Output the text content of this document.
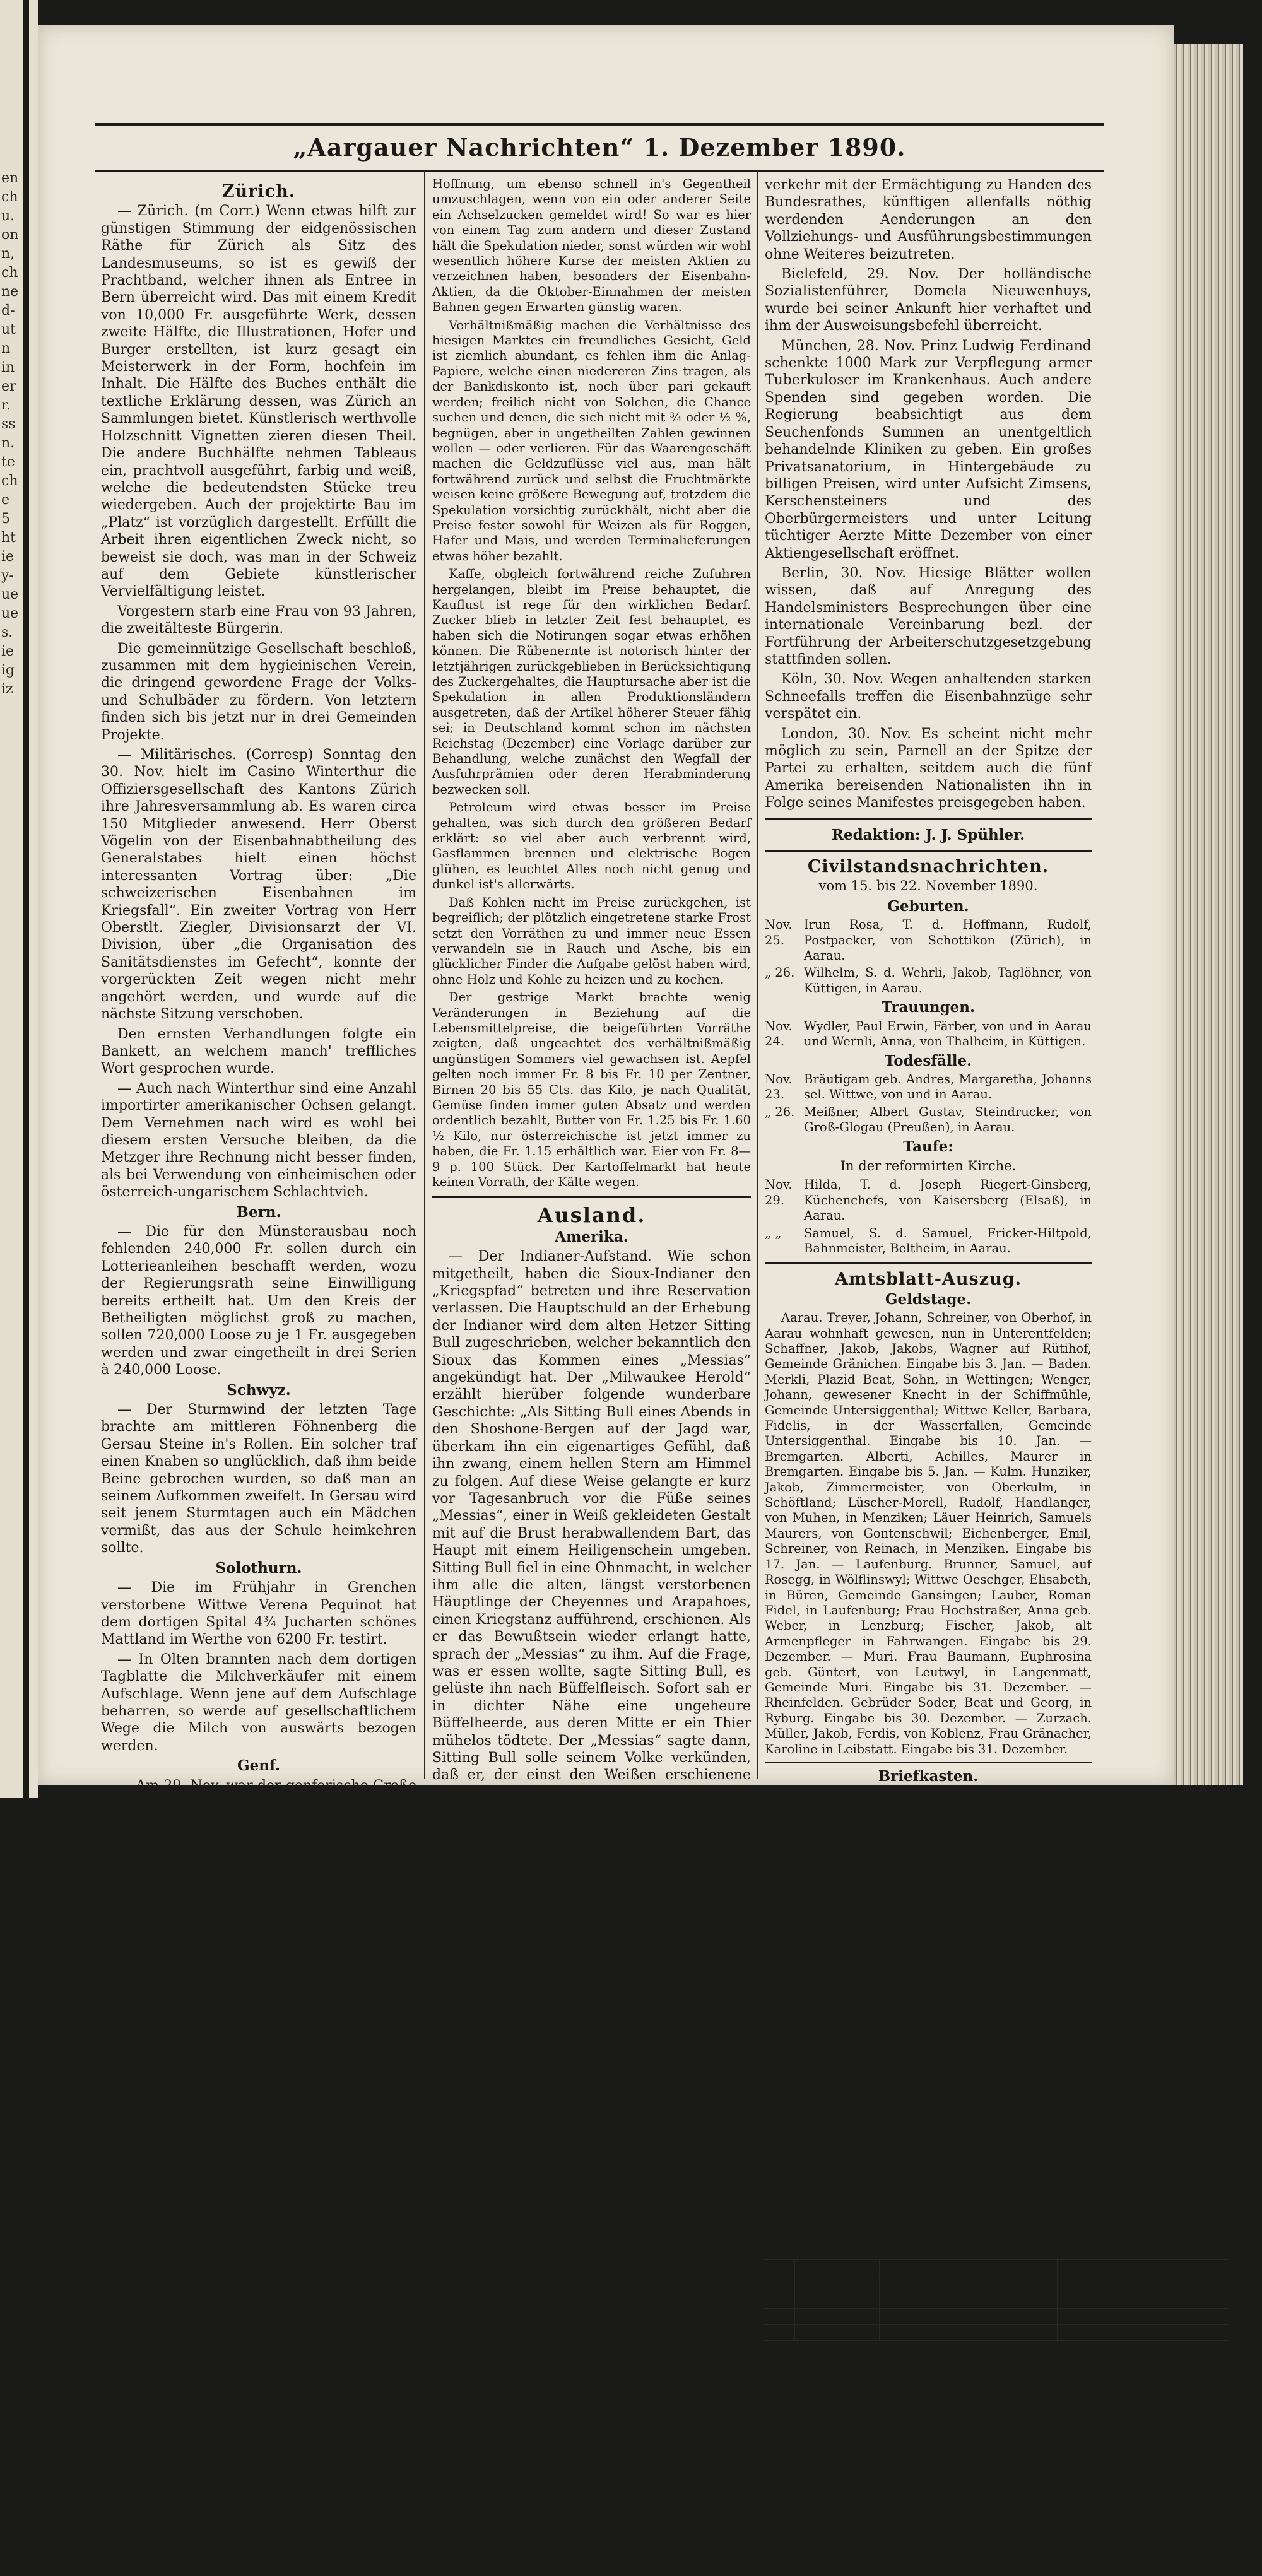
en
ch
u.
on
n,
ch
ne
d-
ut
n
in
er
r.
ss
n.
te
ch
e
5
ht
ie
y-
ue
ue
s.
ie
ig
iz
„Aargauer Nachrichten“ 1. Dezember 1890.
Zürich.

— Zürich. (m Corr.) Wenn etwas hilft zur günstigen Stimmung der eidgenössischen Räthe für Zürich als Sitz des Landesmuseums, so ist es gewiß der Prachtband, welcher ihnen als Entree in Bern überreicht wird. Das mit einem Kredit von 10,000 Fr. ausgeführte Werk, dessen zweite Hälfte, die Illustrationen, Hofer und Burger erstellten, ist kurz gesagt ein Meisterwerk in der Form, hochfein im Inhalt. Die Hälfte des Buches enthält die textliche Erklärung dessen, was Zürich an Sammlungen bietet. Künstlerisch werthvolle Holzschnitt Vignetten zieren diesen Theil. Die andere Buchhälfte nehmen Tableaus ein, prachtvoll ausgeführt, farbig und weiß, welche die bedeutendsten Stücke treu wiedergeben. Auch der projektirte Bau im „Platz“ ist vorzüglich dargestellt. Erfüllt die Arbeit ihren eigentlichen Zweck nicht, so beweist sie doch, was man in der Schweiz auf dem Gebiete künstlerischer Vervielfältigung leistet.

Vorgestern starb eine Frau von 93 Jahren, die zweitälteste Bürgerin.

Die gemeinnützige Gesellschaft beschloß, zusammen mit dem hygieinischen Verein, die dringend gewordene Frage der Volks- und Schulbäder zu fördern. Von letztern finden sich bis jetzt nur in drei Gemeinden Projekte.

— Militärisches. (Corresp) Sonntag den 30. Nov. hielt im Casino Winterthur die Offiziersgesellschaft des Kantons Zürich ihre Jahresversammlung ab. Es waren circa 150 Mitglieder anwesend. Herr Oberst Vögelin von der Eisenbahnabtheilung des Generalstabes hielt einen höchst interessanten Vortrag über: „Die schweizerischen Eisenbahnen im Kriegsfall“. Ein zweiter Vortrag von Herr Oberstlt. Ziegler, Divisionsarzt der VI. Division, über „die Organisation des Sanitätsdienstes im Gefecht“, konnte der vorgerückten Zeit wegen nicht mehr angehört werden, und wurde auf die nächste Sitzung verschoben.

Den ernsten Verhandlungen folgte ein Bankett, an welchem manch' treffliches Wort gesprochen wurde.

— Auch nach Winterthur sind eine Anzahl importirter amerikanischer Ochsen gelangt. Dem Vernehmen nach wird es wohl bei diesem ersten Versuche bleiben, da die Metzger ihre Rechnung nicht besser finden, als bei Verwendung von einheimischen oder österreich-ungarischem Schlachtvieh.

Bern.

— Die für den Münsterausbau noch fehlenden 240,000 Fr. sollen durch ein Lotterieanleihen beschafft werden, wozu der Regierungsrath seine Einwilligung bereits ertheilt hat. Um den Kreis der Betheiligten möglichst groß zu machen, sollen 720,000 Loose zu je 1 Fr. ausgegeben werden und zwar eingetheilt in drei Serien à 240,000 Loose.

Schwyz.

— Der Sturmwind der letzten Tage brachte am mittleren Föhnenberg die Gersau Steine in's Rollen. Ein solcher traf einen Knaben so unglücklich, daß ihm beide Beine gebrochen wurden, so daß man an seinem Aufkommen zweifelt. In Gersau wird seit jenem Sturmtagen auch ein Mädchen vermißt, das aus der Schule heimkehren sollte.

Solothurn.

— Die im Frühjahr in Grenchen verstorbene Wittwe Verena Pequinot hat dem dortigen Spital 4¾ Jucharten schönes Mattland im Werthe von 6200 Fr. testirt.

— In Olten brannten nach dem dortigen Tagblatte die Milchverkäufer mit einem Aufschlage. Wenn jene auf dem Aufschlage beharren, so werde auf gesellschaftlichem Wege die Milch von auswärts bezogen werden.

Genf.

— Am 29. Nov. war der genferische Große Rath in außerordentlicher Session versammelt. Als Ständeräthe wurden gewählt die liberal-konservativen Gustav Pictet, alt Nationalrath, mit 50 Stimmen und Frederic Raison, Advokat, ebenfalls mit 50 Stimmen. Die Radikalen stimmten für die bisherigen; Gavard machte 38, Moriaud 37 Stimmen.

Handelsbericht.
(Spezial-Correspondenz aus Zürich vom 29. Novbr.)

Die außergewöhnlichen Verhältnisse auf dem Geldmarkt dauern noch an, der Wirrwar ist noch nicht beendet und nicht überall, wo die Umstände geordnet erscheinen, ist Ruhe eingetreten. Wohl manche Schäden sind überbrückt, um vielleicht, wie es nicht selten zu geschehen pflegt, unter der Decke sich zu vergrößern und beim nächsten Windstoß zu Tage zu treten. Den englischen Markt, den der Geldsturm so stark angegriffen hat, hält die Bank in London Wagenladungen Gold aus Rußland zugeführt und damit ist für den Augenblick wenigstens momentan — keine außergewöhnlichen Ansprüche in Ahnung stellen, und anderseitige, größere Eingänge fristetweise, doch die Spekulation eine gewisse Beruhigung eingetreten, wozu die Nachricht aus Buenos-Ayres, daß die Mittel für die am 1. Januar fälligen Zinse für die Bank in Europa emittirte Anleihen, unterwegs seien, wesentlich mitwirkt hat. Wenn nun auch der Diskonto in London im Privatverkehr wieder auf 4¼—4½, gesunken ist, so darf doch nicht vergessen werden, daß bis jetzt noch kein offizielles Zurückgehen des Zinsfußes noch aber wird die Bank ihre Stellung behaupten und so wird eine Reihe von Verhältnissen unter dem Eindruck der jüngsten Vergangenheit stehen. Die Börsen im Allgemeinen arbeiten unter dem Eindruck der jüngsten Vergangenheit und Nachrichten von Besserung elektrisiren so neuer

Hoffnung, um ebenso schnell in's Gegentheil umzuschlagen, wenn von ein oder anderer Seite ein Achselzucken gemeldet wird! So war es hier von einem Tag zum andern und dieser Zustand hält die Spekulation nieder, sonst würden wir wohl wesentlich höhere Kurse der meisten Aktien zu verzeichnen haben, besonders der Eisenbahn-Aktien, da die Oktober-Einnahmen der meisten Bahnen gegen Erwarten günstig waren.

Verhältnißmäßig machen die Verhältnisse des hiesigen Marktes ein freundliches Gesicht, Geld ist ziemlich abundant, es fehlen ihm die Anlag-Papiere, welche einen niedereren Zins tragen, als der Bankdiskonto ist, noch über pari gekauft werden; freilich nicht von Solchen, die Chance suchen und denen, die sich nicht mit ¾ oder ½ %, begnügen, aber in ungetheilten Zahlen gewinnen wollen — oder verlieren. Für das Waarengeschäft machen die Geldzuflüsse viel aus, man hält fortwährend zurück und selbst die Fruchtmärkte weisen keine größere Bewegung auf, trotzdem die Spekulation vorsichtig zurückhält, nicht aber die Preise fester sowohl für Weizen als für Roggen, Hafer und Mais, und werden Terminalieferungen etwas höher bezahlt.

Kaffe, obgleich fortwährend reiche Zufuhren hergelangen, bleibt im Preise behauptet, die Kauflust ist rege für den wirklichen Bedarf. Zucker blieb in letzter Zeit fest behauptet, es haben sich die Notirungen sogar etwas erhöhen können. Die Rübenernte ist notorisch hinter der letztjährigen zurückgeblieben in Berücksichtigung des Zuckergehaltes, die Hauptursache aber ist die Spekulation in allen Produktionsländern ausgetreten, daß der Artikel höherer Steuer fähig sei; in Deutschland kommt schon im nächsten Reichstag (Dezember) eine Vorlage darüber zur Behandlung, welche zunächst den Wegfall der Ausfuhrprämien oder deren Herabminderung bezwecken soll.

Petroleum wird etwas besser im Preise gehalten, was sich durch den größeren Bedarf erklärt: so viel aber auch verbrennt wird, Gasflammen brennen und elektrische Bogen glühen, es leuchtet Alles noch nicht genug und dunkel ist's allerwärts.

Daß Kohlen nicht im Preise zurückgehen, ist begreiflich; der plötzlich eingetretene starke Frost setzt den Vorräthen zu und immer neue Essen verwandeln sie in Rauch und Asche, bis ein glücklicher Finder die Aufgabe gelöst haben wird, ohne Holz und Kohle zu heizen und zu kochen.

Der gestrige Markt brachte wenig Veränderungen in Beziehung auf die Lebensmittelpreise, die beigeführten Vorräthe zeigten, daß ungeachtet des verhältnißmäßig ungünstigen Sommers viel gewachsen ist. Aepfel gelten noch immer Fr. 8 bis Fr. 10 per Zentner, Birnen 20 bis 55 Cts. das Kilo, je nach Qualität, Gemüse finden immer guten Absatz und werden ordentlich bezahlt, Butter von Fr. 1.25 bis Fr. 1.60 ½ Kilo, nur österreichische ist jetzt immer zu haben, die Fr. 1.15 erhältlich war. Eier von Fr. 8—9 p. 100 Stück. Der Kartoffelmarkt hat heute keinen Vorrath, der Kälte wegen.

Ausland.
Amerika.

— Der Indianer-Aufstand. Wie schon mitgetheilt, haben die Sioux-Indianer den „Kriegspfad“ betreten und ihre Reservation verlassen. Die Hauptschuld an der Erhebung der Indianer wird dem alten Hetzer Sitting Bull zugeschrieben, welcher bekanntlich den Sioux das Kommen eines „Messias“ angekündigt hat. Der „Milwaukee Herold“ erzählt hierüber folgende wunderbare Geschichte: „Als Sitting Bull eines Abends in den Shoshone-Bergen auf der Jagd war, überkam ihn ein eigenartiges Gefühl, daß ihn zwang, einem hellen Stern am Himmel zu folgen. Auf diese Weise gelangte er kurz vor Tagesanbruch vor die Füße seines „Messias“, einer in Weiß gekleideten Gestalt mit auf die Brust herabwallendem Bart, das Haupt mit einem Heiligenschein umgeben. Sitting Bull fiel in eine Ohnmacht, in welcher ihm alle die alten, längst verstorbenen Häuptlinge der Cheyennes und Arapahoes, einen Kriegstanz aufführend, erschienen. Als er das Bewußtsein wieder erlangt hatte, sprach der „Messias“ zu ihm. Auf die Frage, was er essen wollte, sagte Sitting Bull, es gelüste ihn nach Büffelfleisch. Sofort sah er in dichter Nähe eine ungeheure Büffelheerde, aus deren Mitte er ein Thier mühelos tödtete. Der „Messias“ sagte dann, Sitting Bull solle seinem Volke verkünden, daß er, der einst den Weißen erschienene „Messias“, jetzt zu den gequälten Indianern gekommen sei, um ihnen ihre Jagdgründe wieder zu geben und die Weißen zu züchtigen. Er zeigte ihm die Wundmale der Kreuzigung und gab ihm Beweise seiner göttlichen Kraft. Sitting Bull blieb den ganzen Tag bei ihm und kehrte am Abend nach Hause zurück, was ihm in wenigen Minuten möglich war, obwohl er nach seiner Berechnung mehrere Tagereisen davon entfernt gewesen war. Er erzählte seinen Leuten davon und ersuchte sie, den Häuptling „Stachelschwein“ zu entsenden, um die Wahrheit des lebendigen „Messias“ festzustellen. Dies geschah und „Stachelschwein“ hatte dann genau dieselbe Vision wie Sitting Bull.

Ueber New-York vom 21. November wird ferner berichtet: Die Indianer auf der Pine Ridge Reservation führen noch immer Kriegstänze auf. Wahrscheinlich wird dem nicht Einhalt gethan werden, bis mehr Truppen angelangt sind. Als man den Indianern die Ankunft derselben ankündigte, erklärten sie drohend, daß der Messias sie zum Kriege aufforderte. Dieser habe ihnen eine riesige Flutwelle die Weißen vernichten.

Neueres und Telegramme.

— Bundesstadt. Heute beginnt die Sitzung der Bundesversammlung.

— Bundesrathswahl. Der „Nationalzeitung“ wird geschrieben:

„Im entschieden freisinnigen Lager erwartet man, daß die Bundesversammlung diesmal die Wahlfrage grundsätzlich und zwar im Sinne der Ablehnung der Kompromißpolitik auffassen und erledige.“

Bern, 29. Nov. Der Bundesrath beantragt bei der Bundesversammlung die Genehmigung des internationalen Uebereinkommens betreffend den Eisenbahn-

verkehr mit der Ermächtigung zu Handen des Bundesrathes, künftigen allenfalls nöthig werdenden Aenderungen an den Vollziehungs- und Ausführungsbestimmungen ohne Weiteres beizutreten.

Bielefeld, 29. Nov. Der holländische Sozialistenführer, Domela Nieuwenhuys, wurde bei seiner Ankunft hier verhaftet und ihm der Ausweisungsbefehl überreicht.

München, 28. Nov. Prinz Ludwig Ferdinand schenkte 1000 Mark zur Verpflegung armer Tuberkuloser im Krankenhaus. Auch andere Spenden sind gegeben worden. Die Regierung beabsichtigt aus dem Seuchenfonds Summen an unentgeltlich behandelnde Kliniken zu geben. Ein großes Privatsanatorium, in Hintergebäude zu billigen Preisen, wird unter Aufsicht Zimsens, Kerschensteiners und des Oberbürgermeisters und unter Leitung tüchtiger Aerzte Mitte Dezember von einer Aktiengesellschaft eröffnet.

Berlin, 30. Nov. Hiesige Blätter wollen wissen, daß auf Anregung des Handelsministers Besprechungen über eine internationale Vereinbarung bezl. der Fortführung der Arbeiterschutzgesetzgebung stattfinden sollen.

Köln, 30. Nov. Wegen anhaltenden starken Schneefalls treffen die Eisenbahnzüge sehr verspätet ein.

London, 30. Nov. Es scheint nicht mehr möglich zu sein, Parnell an der Spitze der Partei zu erhalten, seitdem auch die fünf Amerika bereisenden Nationalisten ihn in Folge seines Manifestes preisgegeben haben.

Redaktion: J. J. Spühler.
Civilstandsnachrichten.
vom 15. bis 22. November 1890.
Geburten.
Nov. 25.
Irun Rosa, T. d. Hoffmann, Rudolf, Postpacker, von Schottikon (Zürich), in Aarau.
„ 26. Wilhelm, S. d. Wehrli, Jakob, Taglöhner, von Küttigen, in Aarau.
Trauungen.
Nov. 24.
Wydler, Paul Erwin, Färber, von und in Aarau und Wernli, Anna, von Thalheim, in Küttigen.
Todesfälle.
Nov. 23.
Bräutigam geb. Andres, Margaretha, Johanns sel. Wittwe, von und in Aarau.
„ 26. Meißner, Albert Gustav, Steindrucker, von Groß-Glogau (Preußen), in Aarau.
Taufe:
In der reformirten Kirche.
Nov. 29.
Hilda, T. d. Joseph Riegert-Ginsberg, Küchenchefs, von Kaisersberg (Elsaß), in Aarau.
„ „	Samuel, S. d. Samuel, Fricker-Hiltpold, Bahnmeister, Beltheim, in Aarau.
Amtsblatt-Auszug.
Geldstage.

Aarau. Treyer, Johann, Schreiner, von Oberhof, in Aarau wohnhaft gewesen, nun in Unterentfelden; Schaffner, Jakob, Jakobs, Wagner auf Rütihof, Gemeinde Gränichen. Eingabe bis 3. Jan. — Baden. Merkli, Plazid Beat, Sohn, in Wettingen; Wenger, Johann, gewesener Knecht in der Schiffmühle, Gemeinde Untersiggenthal; Wittwe Keller, Barbara, Fidelis, in der Wasserfallen, Gemeinde Untersiggenthal. Eingabe bis 10. Jan. — Bremgarten. Alberti, Achilles, Maurer in Bremgarten. Eingabe bis 5. Jan. — Kulm. Hunziker, Jakob, Zimmermeister, von Oberkulm, in Schöftland; Lüscher-Morell, Rudolf, Handlanger, von Muhen, in Menziken; Läuer Heinrich, Samuels Maurers, von Gontenschwil; Eichenberger, Emil, Schreiner, von Reinach, in Menziken. Eingabe bis 17. Jan. — Laufenburg. Brunner, Samuel, auf Rosegg, in Wölflinswyl; Wittwe Oeschger, Elisabeth, in Büren, Gemeinde Gansingen; Lauber, Roman Fidel, in Laufenburg; Frau Hochstraßer, Anna geb. Weber, in Lenzburg; Fischer, Jakob, alt Armenpfleger in Fahrwangen. Eingabe bis 29. Dezember. — Muri. Frau Baumann, Euphrosina geb. Güntert, von Leutwyl, in Langenmatt, Gemeinde Muri. Eingabe bis 31. Dezember. — Rheinfelden. Gebrüder Soder, Beat und Georg, in Ryburg. Eingabe bis 30. Dezember. — Zurzach. Müller, Jakob, Ferdis, von Koblenz, Frau Gränacher, Karoline in Leibstatt. Eingabe bis 31. Dezember.

Briefkasten.

Abonnent in Lenzburg. Ihre freundlichen Zeilen, die Sie unserem Blatte widmen, verdanken wir, ebenso die Zusendung der letzten Nummer des „Margauer“. Ihr Rath, es sollten alle aargauischen Redaktoren ihre Thüre schreiben: „Noblesse oblige“ wäre für Viele angebracht. Wer die Antwort nur auf eine gewisse Klasse mißt, dem scheint übrigens diejenigen, welche sich als Generalpächter des Seelenadels und des journalistischen Anstandes aufwerfen, die Aufschrift dieser Thüre empfehlen. Es wird doch möglich sein, sich mehr Anstand und Sachlichkeit in der Presse zu bewahren, als sonst. Unsere bisherige Anschauung finden Sie im heutigen zweiten Leitartikel zum Theil niedergelegt. Die letzte Nummer des „Margauer“ kommen wir zurück. Red.

Wochenmarkt in Aarau vom 29. November 1890.

Rindfleisch Fr. 1. 60. p. 1 Kilogr., Kuhfleisch Fr. 1. 20 Kalbfleisch Fr. 1. 90.—2., Schaffleisch Fr. 1. 80—2., Schweinefleisch Fr. 1. 80 Cts., dürrer Speck Fr. 2. Erdäpfel galten 100 Kg. Fr. 0. per Reben 25 Cts. Anken per Kilogr. Fr. 2. 70—2. 80, Eier per Stück 10 Cts., Kabis per Kopf 10—20 Cts., Kohl per Kopf 10—20 Cts. Aepfel 5—7 Paar 10 Cts.

Meteorologische Station im neuen Quartier Aarau.
1890. Nov. Dez.	Beobachtungszeit	Thermometer in Celsius	Barometerstand 1mm. Absol.	Reduc.	Windrichtung und Stärke	Bewölkung	Witterung
30.	Mittags 1 U.	—3,1	736,6	773,1	S₂	80	bedeckt
30.	Abends 9 „	—4,9	736,3	773,5	NE₁	100	„
1.	Morg. 7 „	—5,7	729,5	766,7	NE₁—₁	100	„

Angaben der beiden Extrem-Thermometer während 24 Stunden abgelesen gestern Abend 9 Uhr:

Maximum — 2,4°C.
Minimum — 5,0°C.
Temperaturminimum in der letzten Nacht — 7,0°C.
Niederschlag, gemessen heute früh 7 Uhr: — mm.
